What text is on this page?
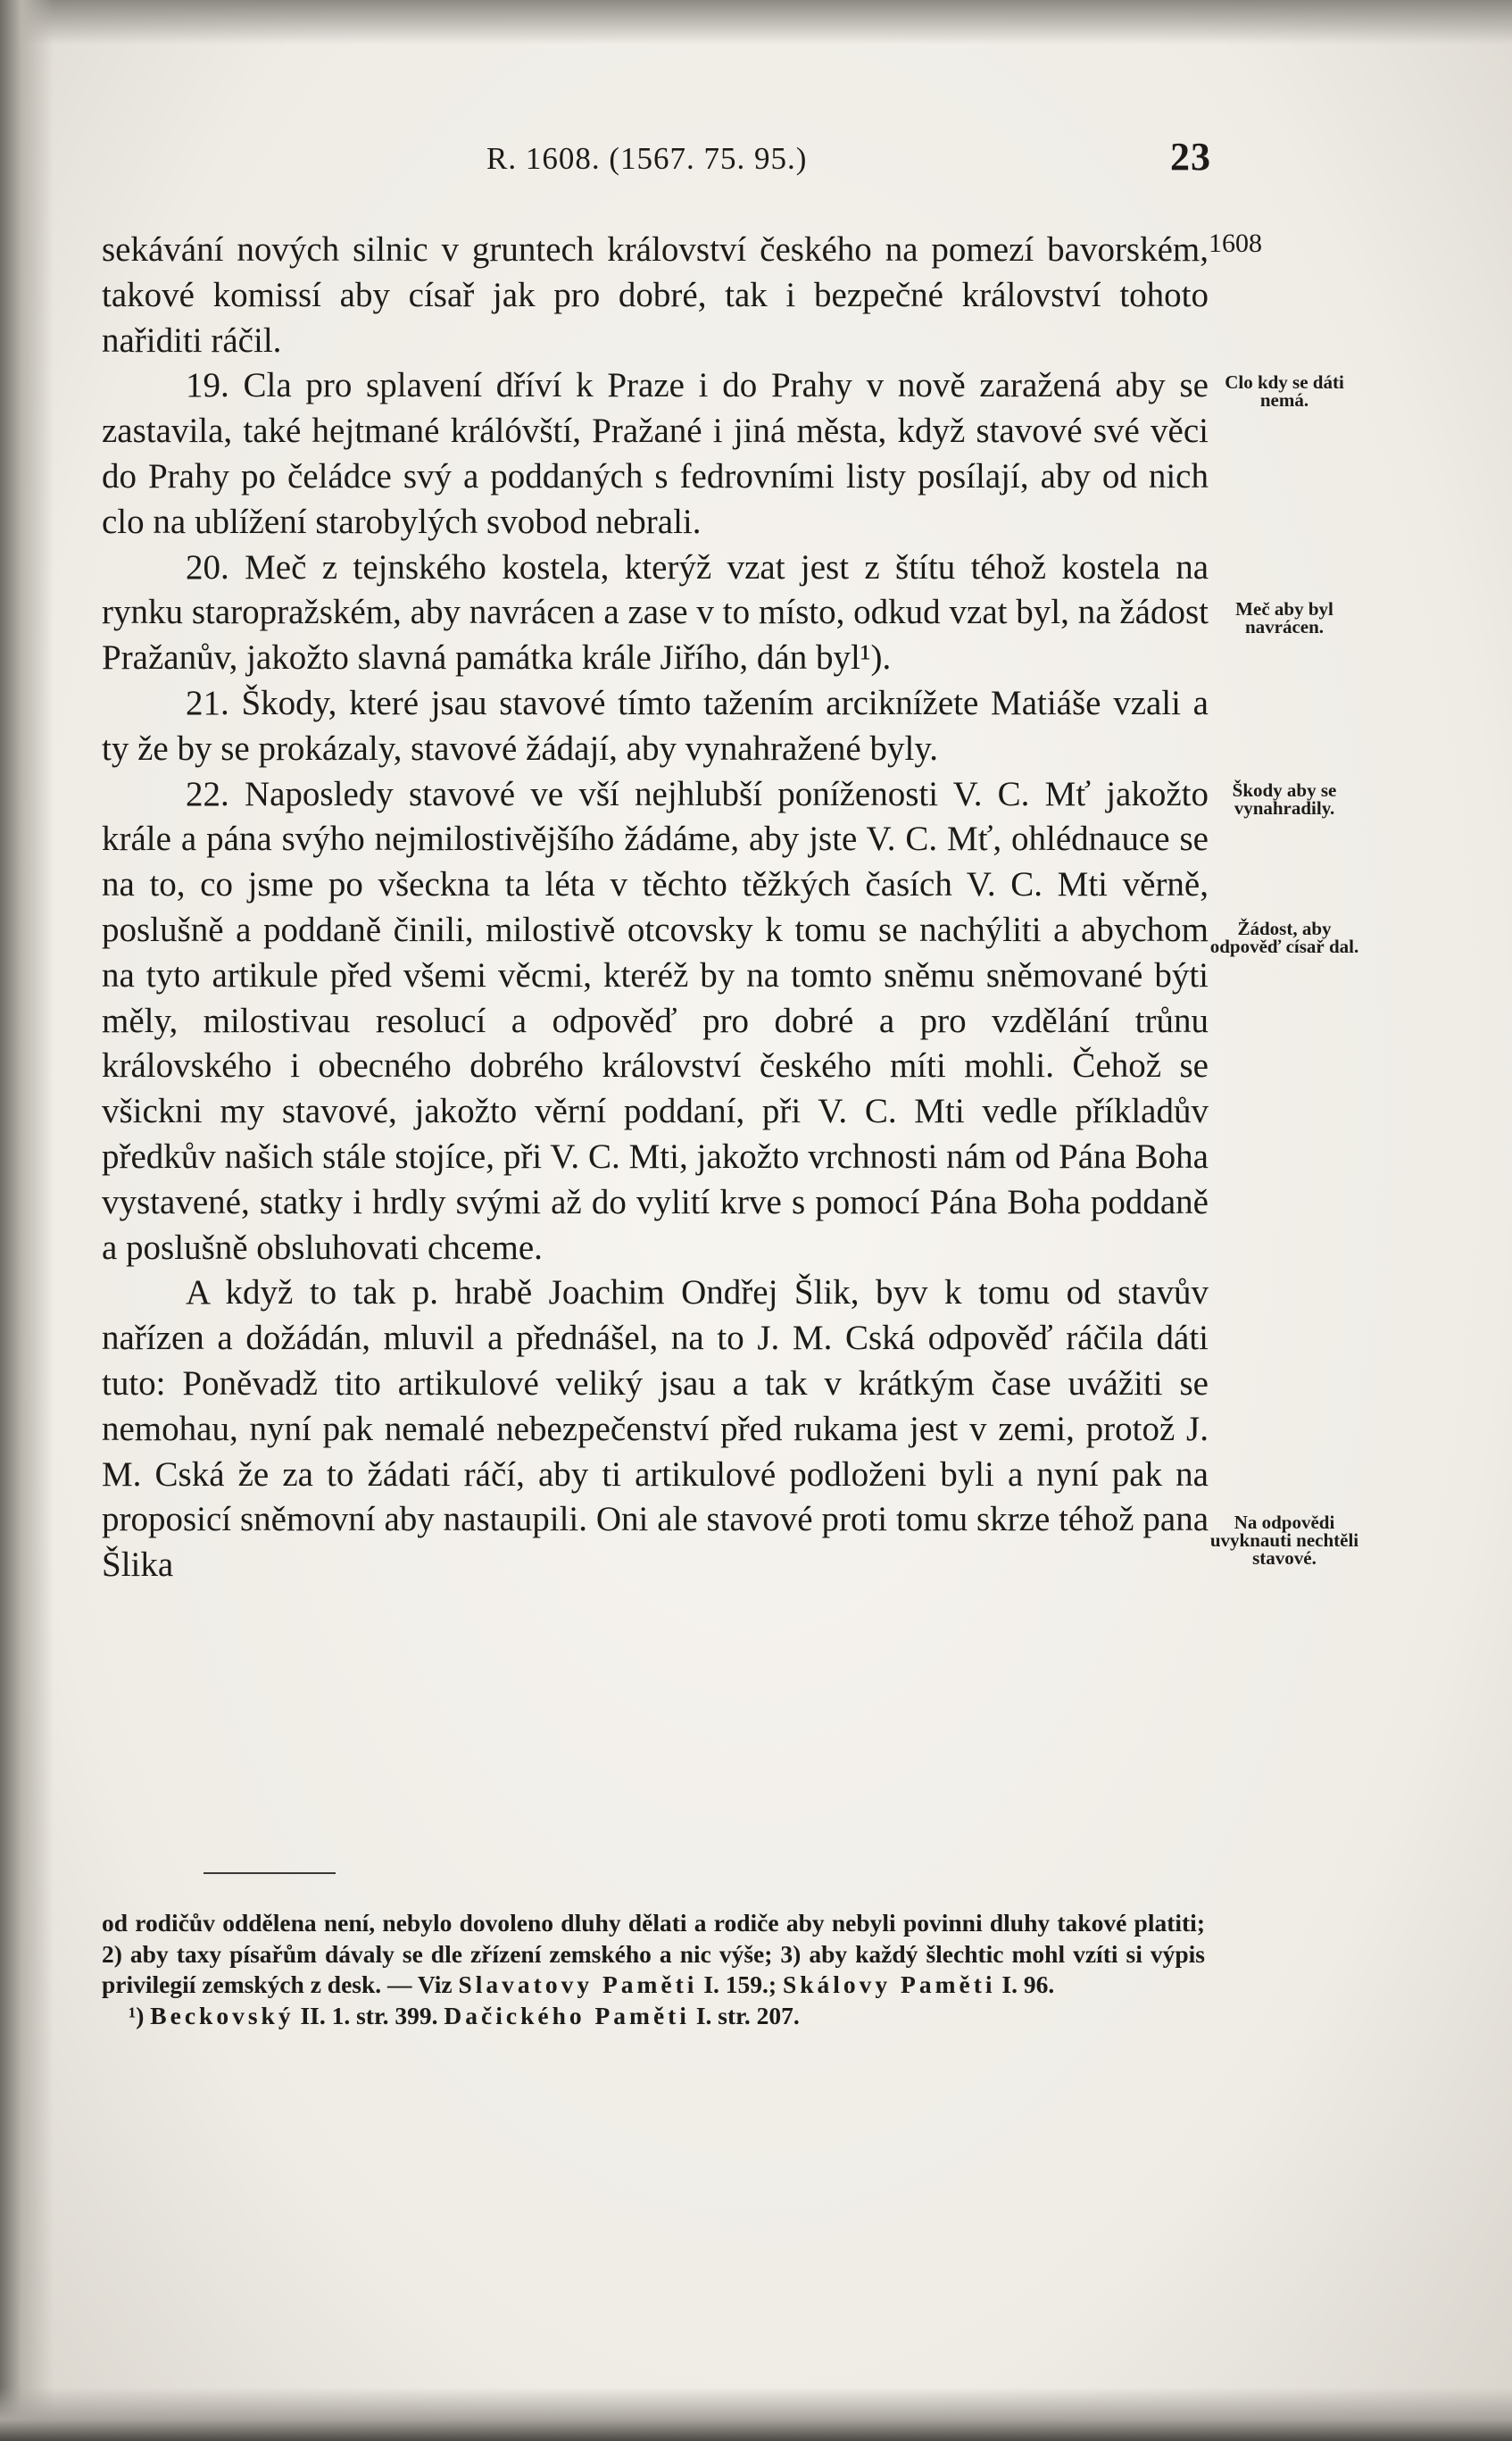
R. 1608. (1567. 75. 95.)	23

sekávání nových silnic v gruntech království českého na pomezí bavorském, takové komissí aby císař jak pro dobré, tak i bezpečné království tohoto nařiditi ráčil.

19. Cla pro splavení dříví k Praze i do Prahy v nově zaražená aby se zastavila, také hejtmané králóvští, Pražané i jiná města, když stavové své věci do Prahy po čeládce svý a poddaných s fedrovními listy posílají, aby od nich clo na ublížení starobylých svobod nebrali.

20. Meč z tejnského kostela, kterýž vzat jest z štítu téhož kostela na rynku staropražském, aby navrácen a zase v to místo, odkud vzat byl, na žádost Pražanův, jakožto slavná památka krále Jiřího, dán byl¹).

21. Škody, které jsau stavové tímto tažením arciknížete Matiáše vzali a ty že by se prokázaly, stavové žádají, aby vynahražené byly.

22. Naposledy stavové ve vší nejhlubší poníženosti V. C. Mť jakožto krále a pána svýho nejmilostivějšího žádáme, aby jste V. C. Mť, ohlédnauce se na to, co jsme po všeckna ta léta v těchto těžkých časích V. C. Mti věrně, poslušně a poddaně činili, milostivě otcovsky k tomu se nachýliti a abychom na tyto artikule před všemi věcmi, kteréž by na tomto sněmu sněmované býti měly, milostivau resolucí a odpověď pro dobré a pro vzdělání trůnu královského i obecného dobrého království českého míti mohli. Čehož se všickni my stavové, jakožto věrní poddaní, při V. C. Mti vedle příkladův předkův našich stále stojíce, při V. C. Mti, jakožto vrchnosti nám od Pána Boha vystavené, statky i hrdly svými až do vylití krve s pomocí Pána Boha poddaně a poslušně obsluhovati chceme.

A když to tak p. hrabě Joachim Ondřej Šlik, byv k tomu od stavův nařízen a dožádán, mluvil a přednášel, na to J. M. Cská odpověď ráčila dáti tuto: Poněvadž tito artikulové veliký jsau a tak v krátkým čase uvážiti se nemohau, nyní pak nemalé nebezpečenství před rukama jest v zemi, protož J. M. Cská že za to žádati ráčí, aby ti artikulové podloženi byli a nyní pak na proposicí sněmovní aby nastaupili. Oni ale stavové proti tomu skrze téhož pana Šlika

1608
Clo kdy se dáti nemá.
Meč aby byl navrácen.
Škody aby se vynahradily.
Žádost, aby odpověď císař dal.
Na odpovědi uvyknauti nechtěli stavové.

od rodičův oddělena není, nebylo dovoleno dluhy dělati a rodiče aby nebyli povinni dluhy takové platiti; 2) aby taxy písařům dávaly se dle zřízení zemského a nic výše; 3) aby každý šlechtic mohl vzíti si výpis privilegií zemských z desk. — Viz Slavatovy Paměti I. 159.; Skálovy Paměti I. 96.

¹) Beckovský II. 1. str. 399. Dačického Paměti I. str. 207.
